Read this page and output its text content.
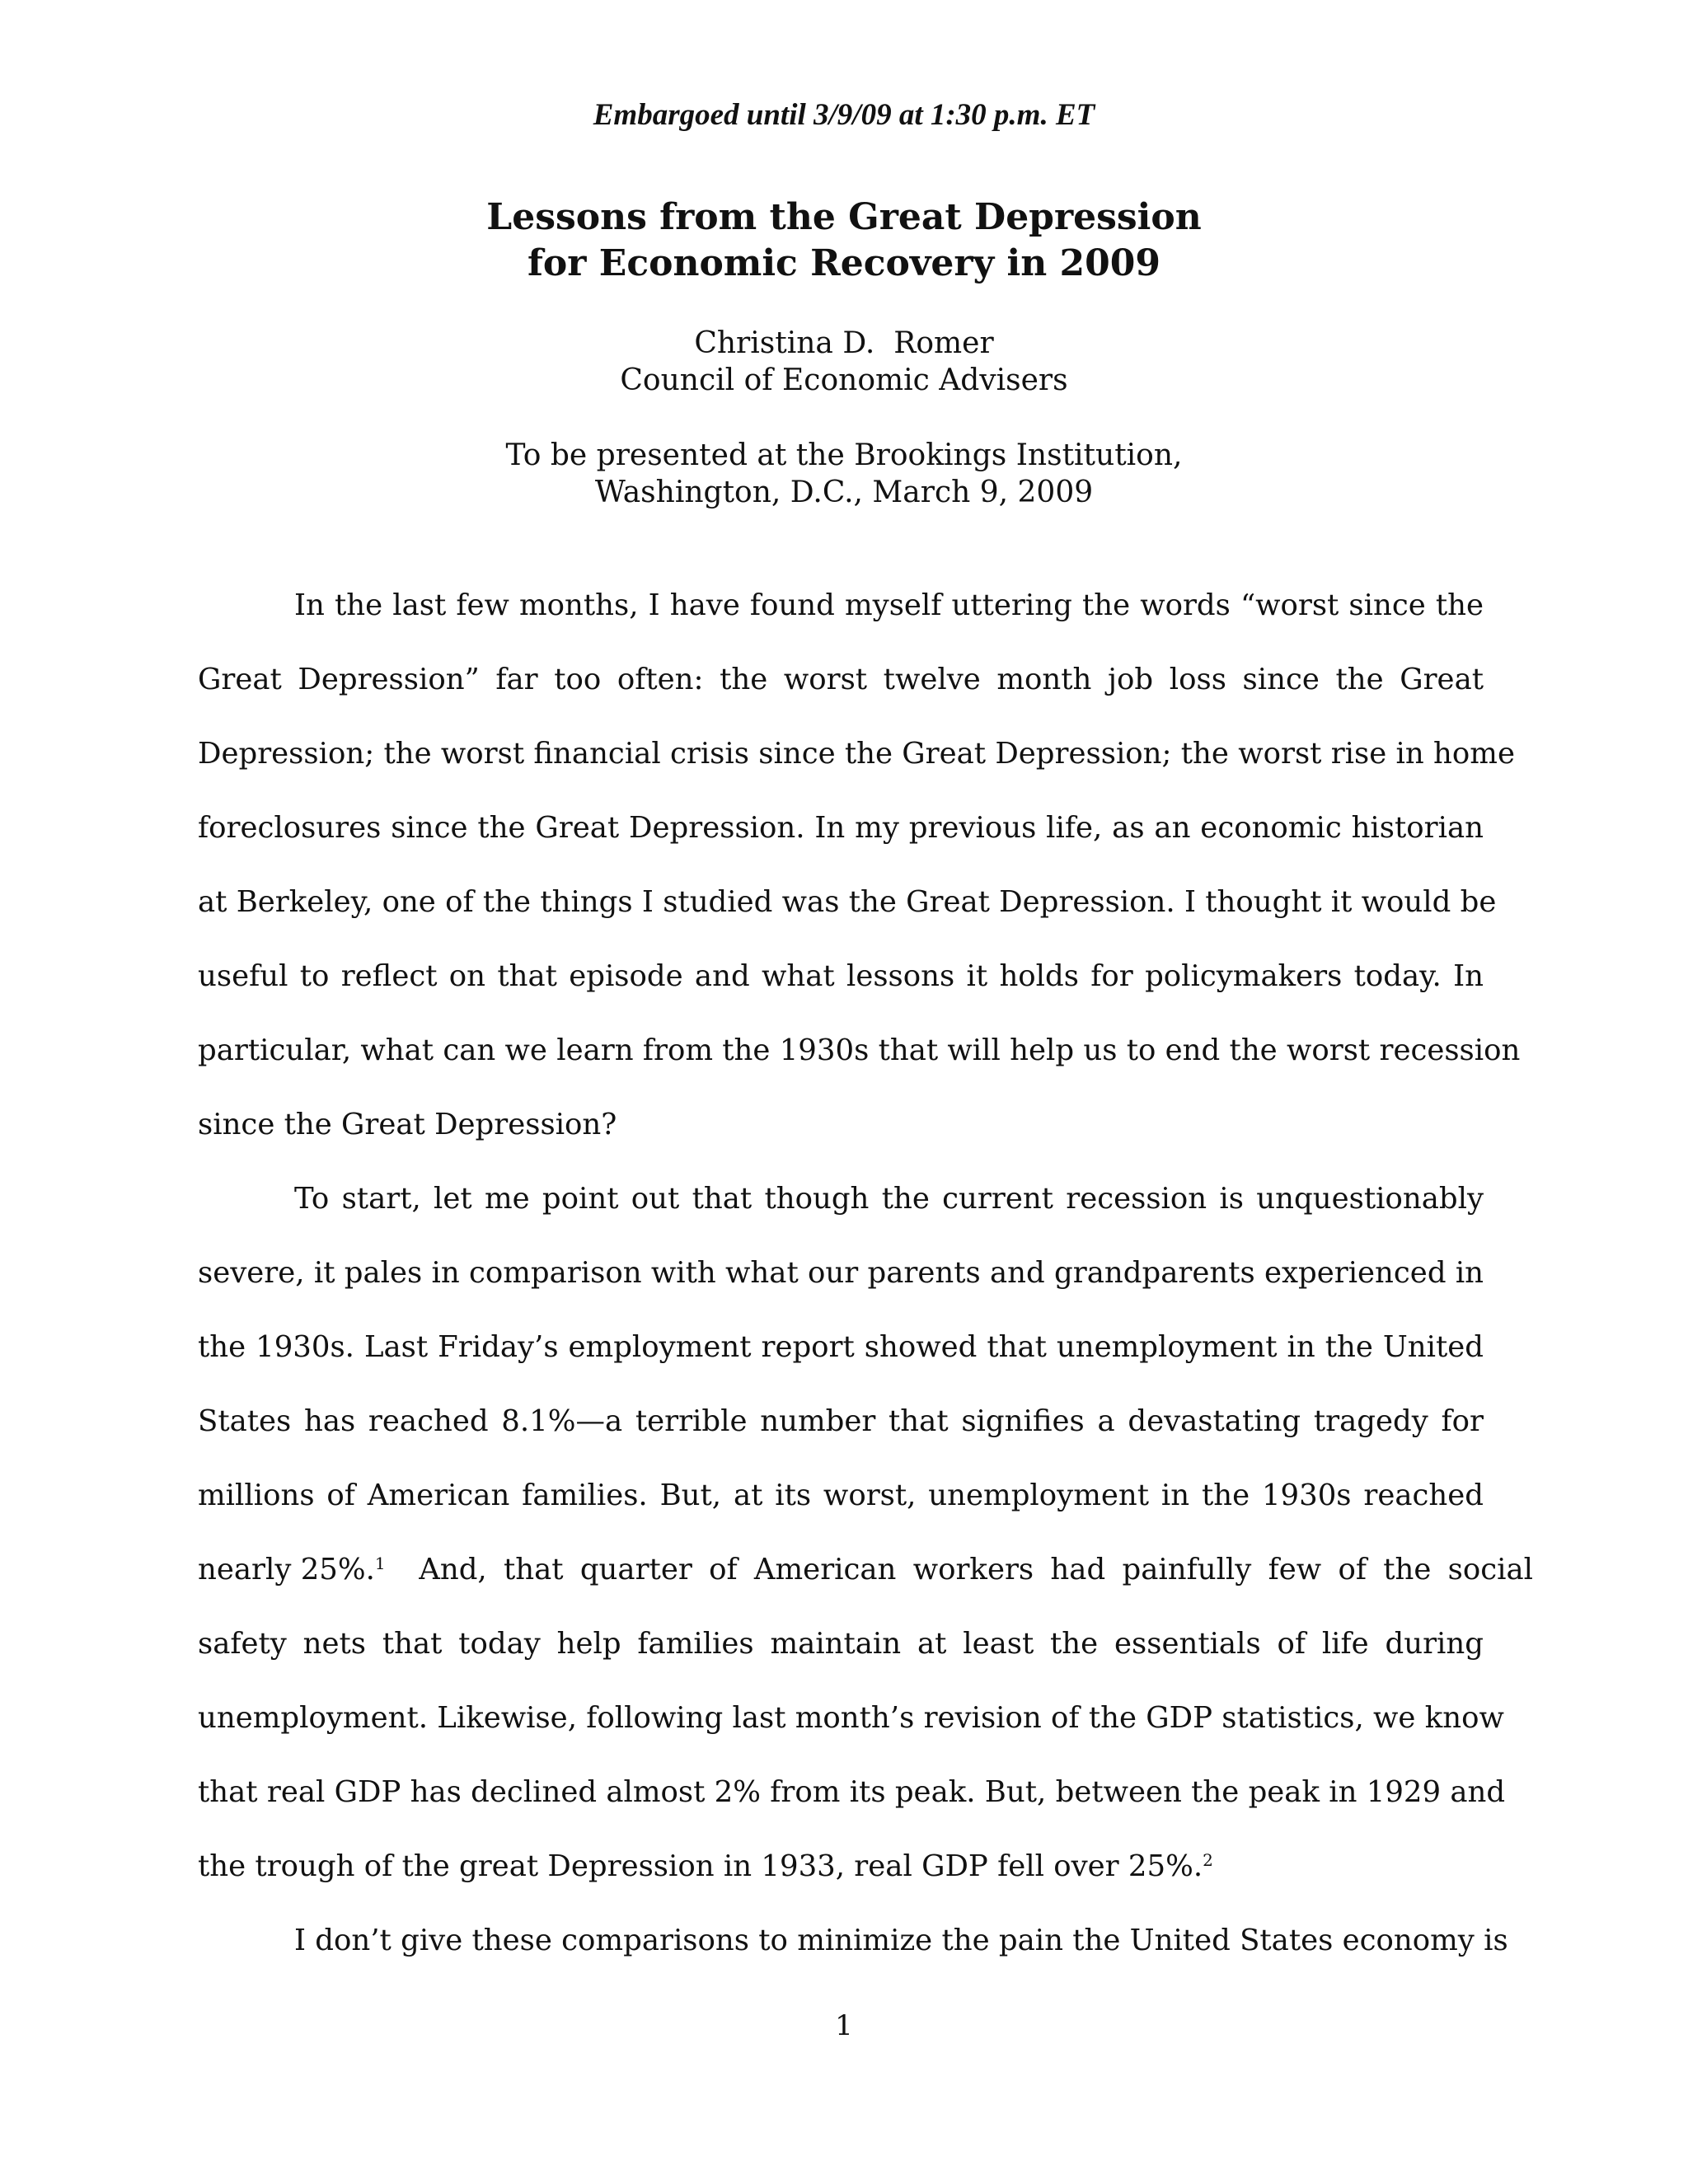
Embargoed until 3/9/09 at 1:30 p.m. ET
Lessons from the Great Depression
for Economic Recovery in 2009
Christina D.  Romer
Council of Economic Advisers
To be presented at the Brookings Institution,
Washington, D.C., March 9, 2009
In the last few months, I have found myself uttering the words “worst since the
Great Depression” far too often: the worst twelve month job loss since the Great
Depression; the worst financial crisis since the Great Depression; the worst rise in home
foreclosures since the Great Depression. In my previous life, as an economic historian
at Berkeley, one of the things I studied was the Great Depression. I thought it would be
useful to reflect on that episode and what lessons it holds for policymakers today. In
particular, what can we learn from the 1930s that will help us to end the worst recession
since the Great Depression?
To start, let me point out that though the current recession is unquestionably
severe, it pales in comparison with what our parents and grandparents experienced in
the 1930s. Last Friday’s employment report showed that unemployment in the United
States has reached 8.1%—a terrible number that signifies a devastating tragedy for
millions of American families. But, at its worst, unemployment in the 1930s reached
nearly 25%.$^1$  And, that quarter of American workers had painfully few of the social
safety nets that today help families maintain at least the essentials of life during
unemployment. Likewise, following last month’s revision of the GDP statistics, we know
that real GDP has declined almost 2% from its peak. But, between the peak in 1929 and
the trough of the great Depression in 1933, real GDP fell over 25%.$^2$
I don’t give these comparisons to minimize the pain the United States economy is
1
